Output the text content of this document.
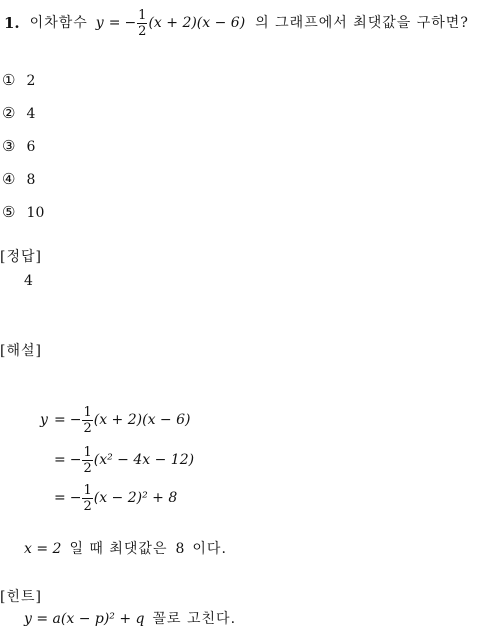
1. 이차함수 y = − $\frac{1}{2} (x + 2)(x - 6)$ 의 그래프에서 최댓값을 구하면?
① 2
② 4
③ 6
④ 8
⑤ 10
[정답]
4
[해설]
y = − $\frac{1}{2} (x + 2)(x - 6)$
= − $\frac{1}{2} (x^2 - 4x - 12)$
= − $\frac{1}{2} (x - 2)^2 + 8$
x = 2 일 때 최댓값은 8 이다.
[힌트]
y = a(x − p)² + q 꼴로 고친다.
